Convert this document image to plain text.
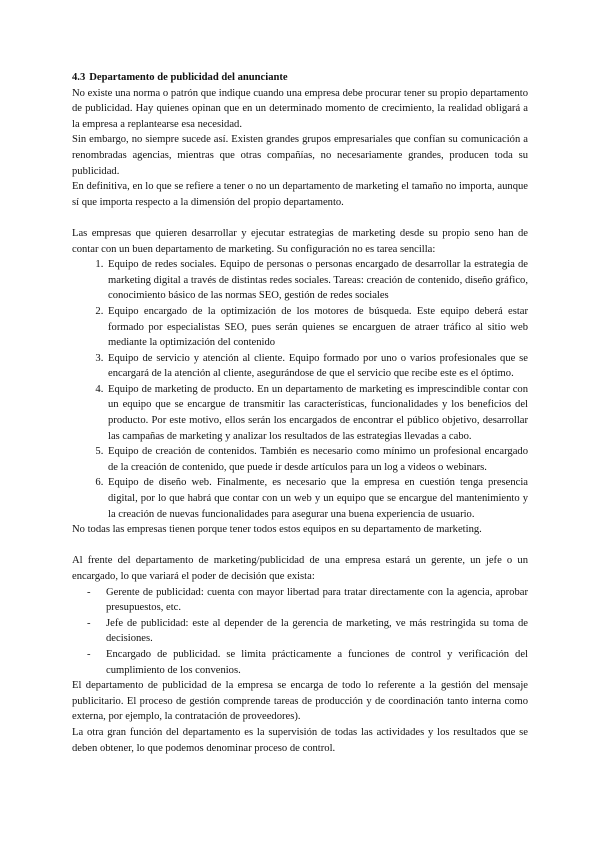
4.3 Departamento de publicidad del anunciante

No existe una norma o patrón que indique cuando una empresa debe procurar tener su propio departamento de publicidad. Hay quienes opinan que en un determinado momento de crecimiento, la realidad obligará a la empresa a replantearse esa necesidad.

Sin embargo, no siempre sucede así. Existen grandes grupos empresariales que confían su comunicación a renombradas agencias, mientras que otras compañías, no necesariamente grandes, producen toda su publicidad.

En definitiva, en lo que se refiere a tener o no un departamento de marketing el tamaño no importa, aunque sí que importa respecto a la dimensión del propio departamento.

Las empresas que quieren desarrollar y ejecutar estrategias de marketing desde su propio seno han de contar con un buen departamento de marketing. Su configuración no es tarea sencilla:

1. Equipo de redes sociales. Equipo de personas o personas encargado de desarrollar la estrategia de marketing digital a través de distintas redes sociales. Tareas: creación de contenido, diseño gráfico, conocimiento básico de las normas SEO, gestión de redes sociales
2. Equipo encargado de la optimización de los motores de búsqueda. Este equipo deberá estar formado por especialistas SEO, pues serán quienes se encarguen de atraer tráfico al sitio web mediante la optimización del contenido
3. Equipo de servicio y atención al cliente. Equipo formado por uno o varios profesionales que se encargará de la atención al cliente, asegurándose de que el servicio que recibe este es el óptimo.
4. Equipo de marketing de producto. En un departamento de marketing es imprescindible contar con un equipo que se encargue de transmitir las características, funcionalidades y los beneficios del producto. Por este motivo, ellos serán los encargados de encontrar el público objetivo, desarrollar las campañas de marketing y analizar los resultados de las estrategias llevadas a cabo.
5. Equipo de creación de contenidos. También es necesario como mínimo un profesional encargado de la creación de contenido, que puede ir desde artículos para un log a videos o webinars.
6. Equipo de diseño web. Finalmente, es necesario que la empresa en cuestión tenga presencia digital, por lo que habrá que contar con un web y un equipo que se encargue del mantenimiento y la creación de nuevas funcionalidades para asegurar una buena experiencia de usuario.

No todas las empresas tienen porque tener todos estos equipos en su departamento de marketing.

Al frente del departamento de marketing/publicidad de una empresa estará un gerente, un jefe o un encargado, lo que variará el poder de decisión que exista:

- Gerente de publicidad: cuenta con mayor libertad para tratar directamente con la agencia, aprobar presupuestos, etc.
- Jefe de publicidad: este al depender de la gerencia de marketing, ve más restringida su toma de decisiones.
- Encargado de publicidad. se limita prácticamente a funciones de control y verificación del cumplimiento de los convenios.

El departamento de publicidad de la empresa se encarga de todo lo referente a la gestión del mensaje publicitario. El proceso de gestión comprende tareas de producción y de coordinación tanto interna como externa, por ejemplo, la contratación de proveedores).

La otra gran función del departamento es la supervisión de todas las actividades y los resultados que se deben obtener, lo que podemos denominar proceso de control.
